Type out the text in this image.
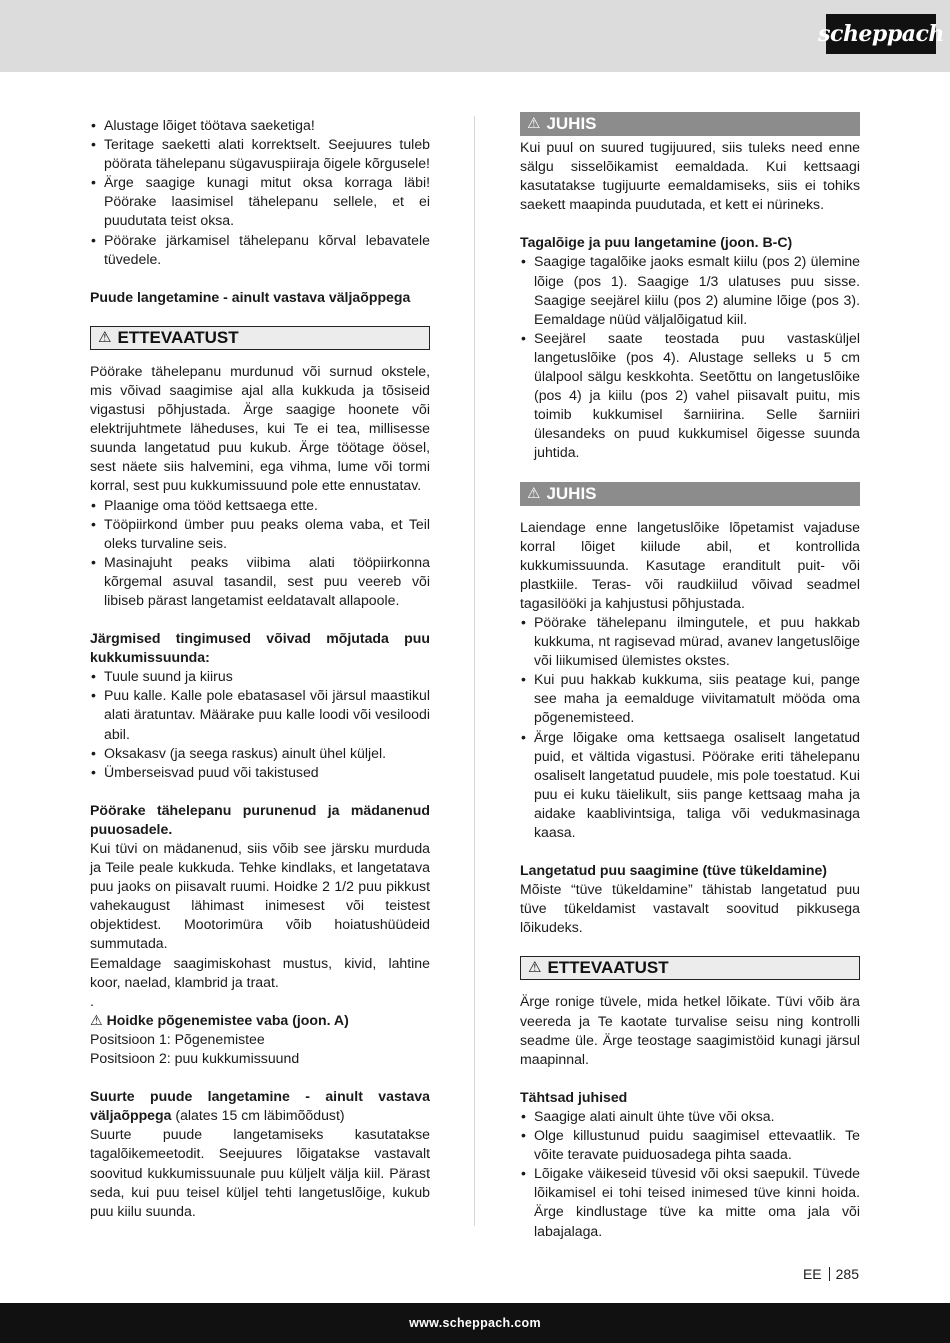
scheppach
• Alustage lõiget töötava saeketiga!
• Teritage saeketti alati korrektselt. Seejuures tuleb pöörata tähelepanu sügavuspiiraja õigele kõrgusele!
• Ärge saagige kunagi mitut oksa korraga läbi! Pöörake laasimisel tähelepanu sellele, et ei puudutata teist oksa.
• Pöörake järkamisel tähelepanu kõrval lebavatele tüvedele.

Puude langetamine - ainult vastava väljaõppega

⚠ ETTEVAATUST

Pöörake tähelepanu murdunud või surnud okstele, mis võivad saagimise ajal alla kukkuda ja tõsiseid vigastusi põhjustada. Ärge saagige hoonete või elektrijuhtmete läheduses, kui Te ei tea, millisesse suunda langetatud puu kukub. Ärge töötage öösel, sest näete siis halvemini, ega vihma, lume või tormi korral, sest puu kukkumissuund pole ette ennustatav.

• Plaanige oma tööd kettsaega ette.
• Tööpiirkond ümber puu peaks olema vaba, et Teil oleks turvaline seis.
• Masinajuht peaks viibima alati tööpiirkonna kõrgemal asuval tasandil, sest puu veereb või libiseb pärast langetamist eeldatavalt allapoole.

Järgmised tingimused võivad mõjutada puu kukkumissuunda:

• Tuule suund ja kiirus
• Puu kalle. Kalle pole ebatasasel või järsul maastikul alati äratuntav. Määrake puu kalle loodi või vesiloodi abil.
• Oksakasv (ja seega raskus) ainult ühel küljel.
• Ümberseisvad puud või takistused

Pöörake tähelepanu purunenud ja mädanenud puuosadele.

Kui tüvi on mädanenud, siis võib see järsku murduda ja Teile peale kukkuda. Tehke kindlaks, et langetatava puu jaoks on piisavalt ruumi. Hoidke 2 1/2 puu pikkust vahekaugust lähimast inimesest või teistest objektidest. Mootorimüra võib hoiatushüüdeid summutada.

Eemaldage saagimiskohast mustus, kivid, lahtine koor, naelad, klambrid ja traat.

.

⚠ Hoidke põgenemistee vaba (joon. A)

Positsioon 1: Põgenemistee

Positsioon 2: puu kukkumissuund

Suurte puude langetamine - ainult vastava väljaõppega (alates 15 cm läbimõõdust)

Suurte puude langetamiseks kasutatakse tagalõikemeetodit. Seejuures lõigatakse vastavalt soovitud kukkumissuunale puu küljelt välja kiil. Pärast seda, kui puu teisel küljel tehti langetuslõige, kukub puu kiilu suunda.

⚠ JUHIS

Kui puul on suured tugijuured, siis tuleks need enne sälgu sisselõikamist eemaldada. Kui kettsaagi kasutatakse tugijuurte eemaldamiseks, siis ei tohiks saekett maapinda puudutada, et kett ei nürineks.

Tagalõige ja puu langetamine (joon. B-C)

• Saagige tagalõike jaoks esmalt kiilu (pos 2) ülemine lõige (pos 1). Saagige 1/3 ulatuses puu sisse. Saagige seejärel kiilu (pos 2) alumine lõige (pos 3). Eemaldage nüüd väljalõigatud kiil.
• Seejärel saate teostada puu vastasküljel langetuslõike (pos 4). Alustage selleks u 5 cm ülalpool sälgu keskkohta. Seetõttu on langetuslõike (pos 4) ja kiilu (pos 2) vahel piisavalt puitu, mis toimib kukkumisel šarniirina. Selle šarniiri ülesandeks on puud kukkumisel õigesse suunda juhtida.
⚠ JUHIS

Laiendage enne langetuslõike lõpetamist vajaduse korral lõiget kiilude abil, et kontrollida kukkumissuunda. Kasutage eranditult puit- või plastkiile. Teras- või raudkiilud võivad seadmel tagasilööki ja kahjustusi põhjustada.

• Pöörake tähelepanu ilmingutele, et puu hakkab kukkuma, nt ragisevad mürad, avanev langetuslõige või liikumised ülemistes okstes.
• Kui puu hakkab kukkuma, siis peatage kui, pange see maha ja eemalduge viivitamatult mööda oma põgenemisteed.
• Ärge lõigake oma kettsaega osaliselt langetatud puid, et vältida vigastusi. Pöörake eriti tähelepanu osaliselt langetatud puudele, mis pole toestatud. Kui puu ei kuku täielikult, siis pange kettsaag maha ja aidake kaablivintsiga, taliga või vedukmasinaga kaasa.

Langetatud puu saagimine (tüve tükeldamine)

Mõiste “tüve tükeldamine” tähistab langetatud puu tüve tükeldamist vastavalt soovitud pikkusega lõikudeks.

⚠ ETTEVAATUST

Ärge ronige tüvele, mida hetkel lõikate. Tüvi võib ära veereda ja Te kaotate turvalise seisu ning kontrolli seadme üle. Ärge teostage saagimistöid kunagi järsul maapinnal.

Tähtsad juhised

• Saagige alati ainult ühte tüve või oksa.
• Olge killustunud puidu saagimisel ettevaatlik. Te võite teravate puiduosadega pihta saada.
• Lõigake väikeseid tüvesid või oksi saepukil. Tüvede lõikamisel ei tohi teised inimesed tüve kinni hoida. Ärge kindlustage tüve ka mitte oma jala või labajalaga.
EE 285
www.scheppach.com
